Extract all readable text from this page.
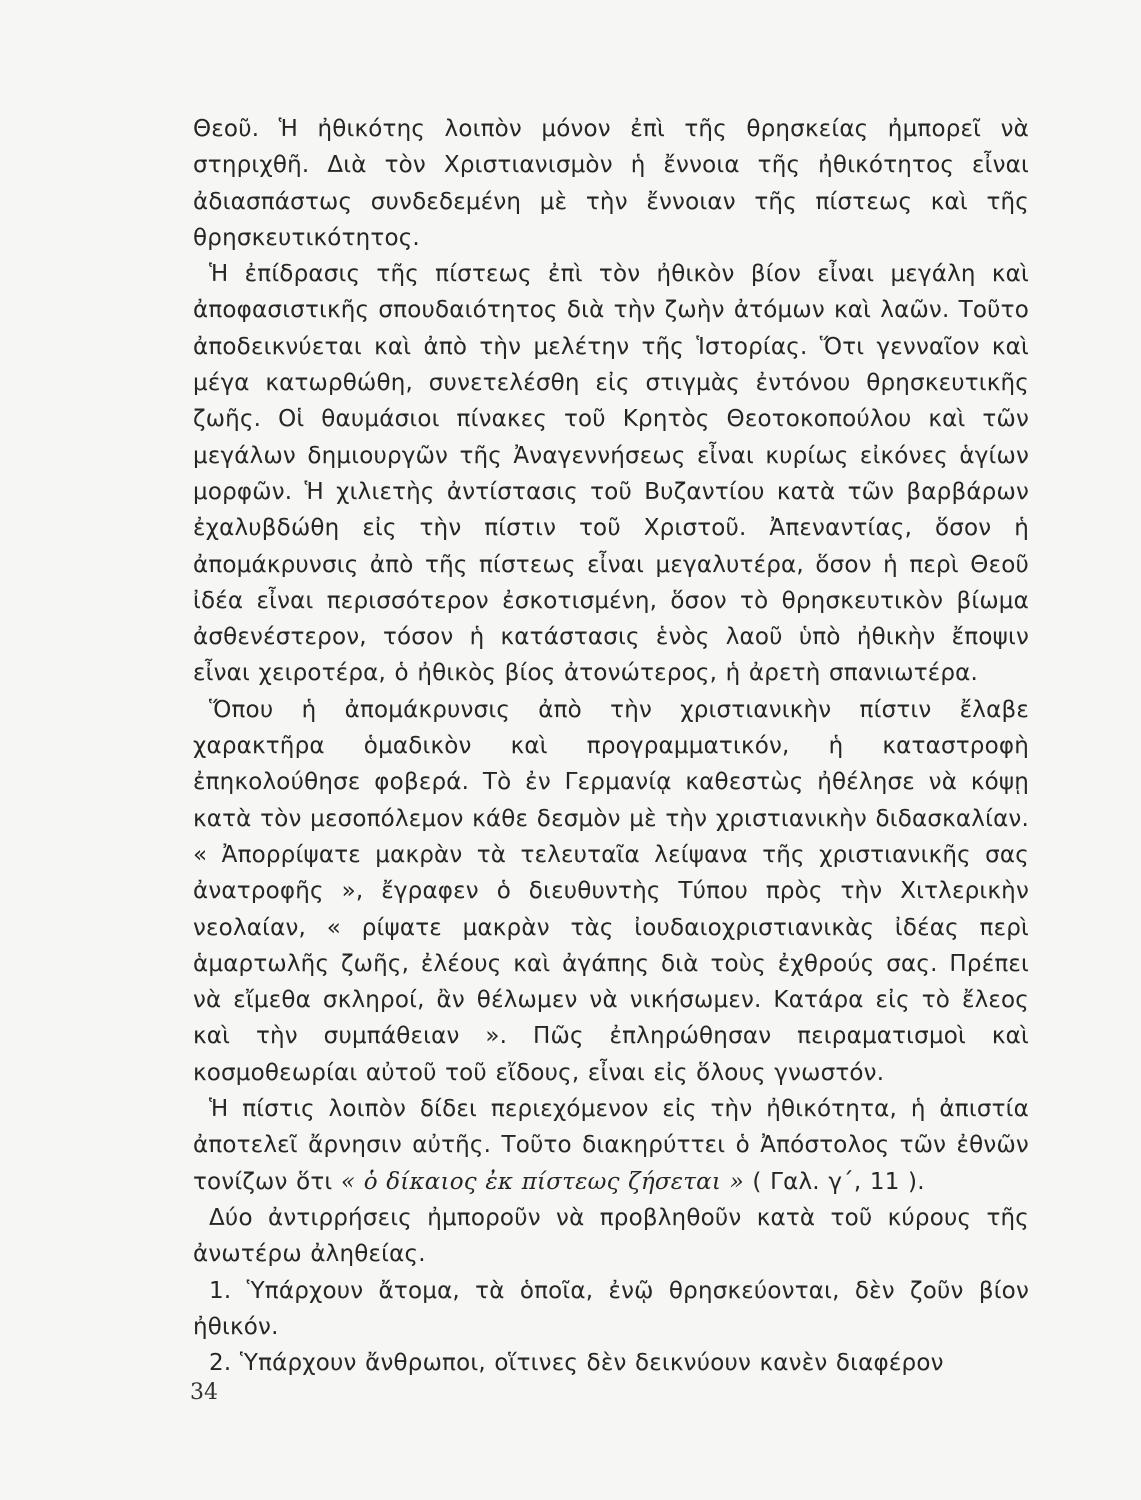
Θεοῦ. Ἡ ἠθικότης λοιπὸν μόνον ἐπὶ τῆς θρησκείας ἠμπορεῖ νὰ στηριχθῆ. Διὰ τὸν Χριστιανισμὸν ἡ ἔννοια τῆς ἠθικότητος εἶναι ἀδιασπάστως συνδεδεμένη μὲ τὴν ἔννοιαν τῆς πίστεως καὶ τῆς θρησκευτικότητος.

Ἡ ἐπίδρασις τῆς πίστεως ἐπὶ τὸν ἠθικὸν βίον εἶναι μεγάλη καὶ ἀποφασιστικῆς σπουδαιότητος διὰ τὴν ζωὴν ἀτόμων καὶ λαῶν. Τοῦτο ἀποδεικνύεται καὶ ἀπὸ τὴν μελέτην τῆς Ἱστορίας. Ὅτι γενναῖον καὶ μέγα κατωρθώθη, συνετελέσθη εἰς στιγμὰς ἐντόνου θρησκευτικῆς ζωῆς. Οἱ θαυμάσιοι πίνακες τοῦ Κρητὸς Θεοτοκοπούλου καὶ τῶν μεγάλων δημιουργῶν τῆς Ἀναγεννήσεως εἶναι κυρίως εἰκόνες ἁγίων μορφῶν. Ἡ χιλιετὴς ἀντίστασις τοῦ Βυζαντίου κατὰ τῶν βαρβάρων ἐχαλυβδώθη εἰς τὴν πίστιν τοῦ Χριστοῦ. Ἀπεναντίας, ὅσον ἡ ἀπομάκρυνσις ἀπὸ τῆς πίστεως εἶναι μεγαλυτέρα, ὅσον ἡ περὶ Θεοῦ ἰδέα εἶναι περισσότερον ἐσκοτισμένη, ὅσον τὸ θρησκευτικὸν βίωμα ἀσθενέστερον, τόσον ἡ κατάστασις ἑνὸς λαοῦ ὑπὸ ἠθικὴν ἔποψιν εἶναι χειροτέρα, ὁ ἠθικὸς βίος ἀτονώτερος, ἡ ἀρετὴ σπανιωτέρα.

Ὅπου ἡ ἀπομάκρυνσις ἀπὸ τὴν χριστιανικὴν πίστιν ἔλαβε χαρακτῆρα ὁμαδικὸν καὶ προγραμματικόν, ἡ καταστροφὴ ἐπηκολούθησε φοβερά. Τὸ ἐν Γερμανίᾳ καθεστὼς ἠθέλησε νὰ κόψῃ κατὰ τὸν μεσοπόλεμον κάθε δεσμὸν μὲ τὴν χριστιανικὴν διδασκαλίαν. « Ἀπορρίψατε μακρὰν τὰ τελευταῖα λείψανα τῆς χριστιανικῆς σας ἀνατροφῆς », ἔγραφεν ὁ διευθυντὴς Τύπου πρὸς τὴν Χιτλερικὴν νεολαίαν, « ρίψατε μακρὰν τὰς ἰουδαιοχριστιανικὰς ἰδέας περὶ ἁμαρτωλῆς ζωῆς, ἐλέους καὶ ἀγάπης διὰ τοὺς ἐχθρούς σας. Πρέπει νὰ εἴμεθα σκληροί, ἂν θέλωμεν νὰ νικήσωμεν. Κατάρα εἰς τὸ ἔλεος καὶ τὴν συμπάθειαν ». Πῶς ἐπληρώθησαν πειραματισμοὶ καὶ κοσμοθεωρίαι αὐτοῦ τοῦ εἴδους, εἶναι εἰς ὅλους γνωστόν.

Ἡ πίστις λοιπὸν δίδει περιεχόμενον εἰς τὴν ἠθικότητα, ἡ ἀπιστία ἀποτελεῖ ἄρνησιν αὐτῆς. Τοῦτο διακηρύττει ὁ Ἀπόστολος τῶν ἐθνῶν τονίζων ὅτι « ὁ δίκαιος ἐκ πίστεως ζήσεται » ( Γαλ. γ΄, 11 ).

Δύο ἀντιρρήσεις ἠμποροῦν νὰ προβληθοῦν κατὰ τοῦ κύρους τῆς ἀνωτέρω ἀληθείας.

1. Ὑπάρχουν ἄτομα, τὰ ὁποῖα, ἐνῷ θρησκεύονται, δὲν ζοῦν βίον ἠθικόν.

2. Ὑπάρχουν ἄνθρωποι, οἵτινες δὲν δεικνύουν κανὲν διαφέρον

34
